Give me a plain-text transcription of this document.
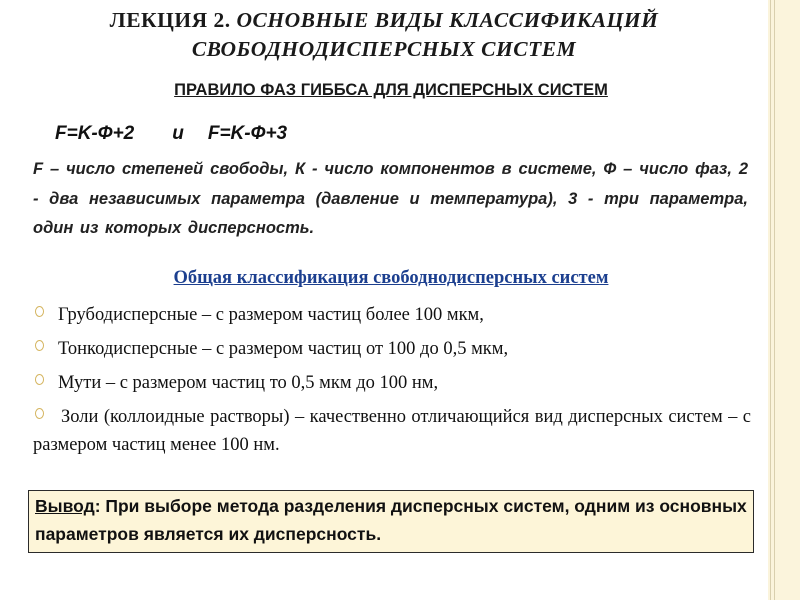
ЛЕКЦИЯ 2. ОСНОВНЫЕ ВИДЫ КЛАССИФИКАЦИЙ
СВОБОДНОДИСПЕРСНЫХ СИСТЕМ
ПРАВИЛО ФАЗ ГИББСА ДЛЯ ДИСПЕРСНЫХ СИСТЕМ
F=K-Ф+2 и F=K-Ф+3
F – число степеней свободы, К - число компонентов в системе, Ф – число фаз, 2 - два независимых параметра (давление и температура), 3 - три параметра, один из которых дисперсность.
Общая классификация свободнодисперсных систем
Грубодисперсные – с размером частиц более 100 мкм,
Тонкодисперсные – с размером частиц от 100 до 0,5 мкм,
Мути – с размером частиц то 0,5 мкм до 100 нм,
Золи (коллоидные растворы) – качественно отличающийся вид дисперсных систем – с размером частиц менее 100 нм.
Вывод: При выборе метода разделения дисперсных систем, одним из основных параметров является их дисперсность.
